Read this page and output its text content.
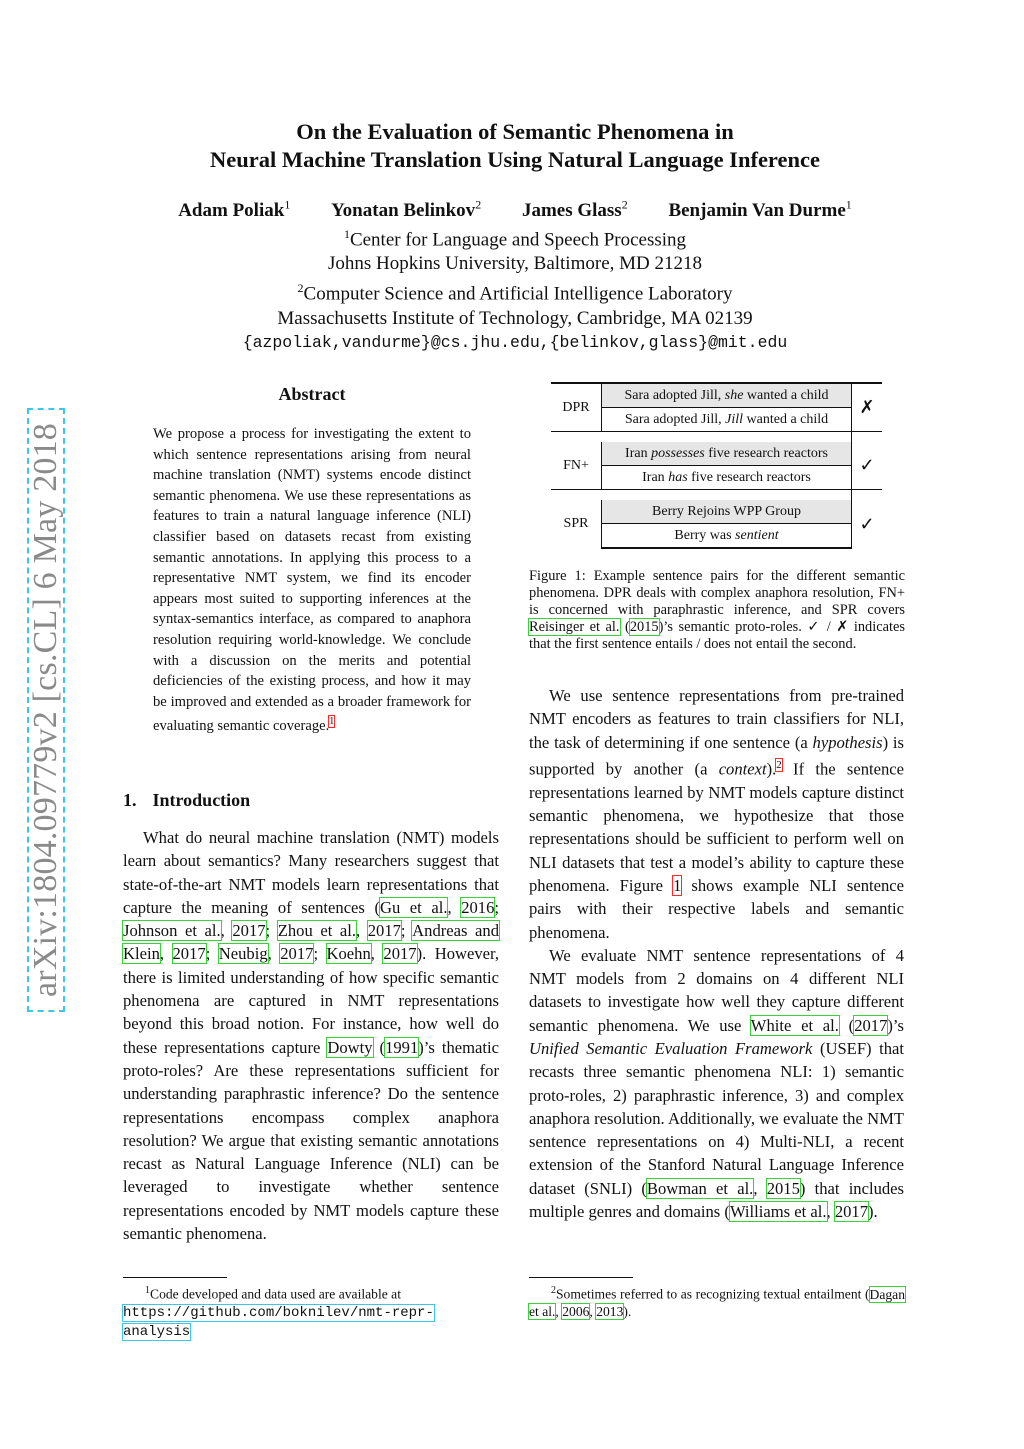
arXiv:1804.09779v2 [cs.CL] 6 May 2018
On the Evaluation of Semantic Phenomena in
Neural Machine Translation Using Natural Language Inference
Adam Poliak$^1$ Yonatan Belinkov$^2$ James Glass$^2$ Benjamin Van Durme$^1$
$^1$Center for Language and Speech Processing
Johns Hopkins University, Baltimore, MD 21218
$^2$Computer Science and Artificial Intelligence Laboratory
Massachusetts Institute of Technology, Cambridge, MA 02139
{azpoliak,vandurme}@cs.jhu.edu,{belinkov,glass}@mit.edu
Abstract
We propose a process for investigating the extent to which sentence representations arising from neural machine translation (NMT) systems encode distinct semantic phenomena. We use these representations as features to train a natural language inference (NLI) classifier based on datasets recast from existing semantic annotations. In applying this process to a representative NMT system, we find its encoder appears most suited to supporting inferences at the syntax-semantics interface, as compared to anaphora resolution requiring world-knowledge. We conclude with a discussion on the merits and potential deficiencies of the existing process, and how it may be improved and extended as a broader framework for evaluating semantic coverage.$^1$
1. Introduction

What do neural machine translation (NMT) models learn about semantics? Many researchers suggest that state-of-the-art NMT models learn representations that capture the meaning of sentences (Gu et al., 2016; Johnson et al., 2017; Zhou et al., 2017; Andreas and Klein, 2017; Neubig, 2017; Koehn, 2017). However, there is limited understanding of how specific semantic phenomena are captured in NMT representations beyond this broad notion. For instance, how well do these representations capture Dowty (1991)’s thematic proto-roles? Are these representations sufficient for understanding paraphrastic inference? Do the sentence representations encompass complex anaphora resolution? We argue that existing semantic annotations recast as Natural Language Inference (NLI) can be leveraged to investigate whether sentence representations encoded by NMT models capture these semantic phenomena.

DPR	Sara adopted Jill, she wanted a child	✗
	Sara adopted Jill, Jill wanted a child	

FN+	Iran possesses five research reactors	✓
	Iran has five research reactors	

SPR	Berry Rejoins WPP Group	✓
	Berry was sentient	
Figure 1: Example sentence pairs for the different semantic phenomena. DPR deals with complex anaphora resolution, FN+ is concerned with paraphrastic inference, and SPR covers Reisinger et al. (2015)’s semantic proto-roles. ✓ / ✗ indicates that the first sentence entails / does not entail the second.

We use sentence representations from pre-trained NMT encoders as features to train classifiers for NLI, the task of determining if one sentence (a hypothesis) is supported by another (a context).$^2$ If the sentence representations learned by NMT models capture distinct semantic phenomena, we hypothesize that those representations should be sufficient to perform well on NLI datasets that test a model’s ability to capture these phenomena. Figure 1 shows example NLI sentence pairs with their respective labels and semantic phenomena.

We evaluate NMT sentence representations of 4 NMT models from 2 domains on 4 different NLI datasets to investigate how well they capture different semantic phenomena. We use White et al. (2017)’s Unified Semantic Evaluation Framework (USEF) that recasts three semantic phenomena NLI: 1) semantic proto-roles, 2) paraphrastic inference, 3) and complex anaphora resolution. Additionally, we evaluate the NMT sentence representations on 4) Multi-NLI, a recent extension of the Stanford Natural Language Inference dataset (SNLI) (Bowman et al., 2015) that includes multiple genres and domains (Williams et al., 2017).

$^1$Code developed and data used are available at
https://github.com/boknilev/nmt-repr-analysis
$^2$Sometimes referred to as recognizing textual entailment (Dagan et al., 2006, 2013).
